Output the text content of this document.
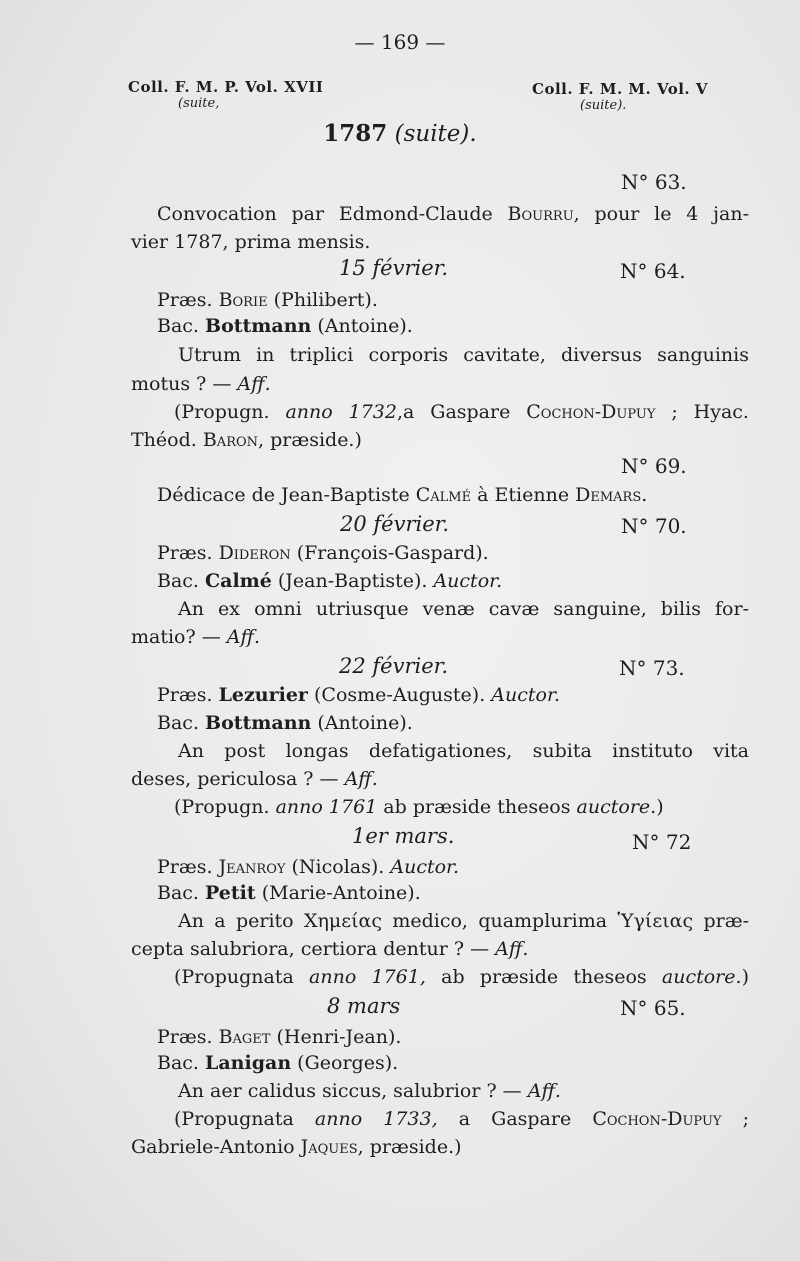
— 169 —
Coll. F. M. P. Vol. XVII
(suite,
Coll. F. M. M. Vol. V
(suite).
1787 (suite).
N° 63.
Convocation par Edmond-Claude Bourru, pour le 4 jan-
vier 1787, prima mensis.
15 février.	N° 64.
Præs. Borie (Philibert).
Bac. Bottmann (Antoine).
Utrum in triplici corporis cavitate, diversus sanguinis
motus ? — Aff.
(Propugn. anno 1732,a Gaspare Cochon-Dupuy ; Hyac.
Théod. Baron, præside.)
N° 69.
Dédicace de Jean-Baptiste Calmé à Etienne Demars.
20 février.	N° 70.
Præs. Dideron (François-Gaspard).
Bac. Calmé (Jean-Baptiste). Auctor.
An ex omni utriusque venæ cavæ sanguine, bilis for-
matio? — Aff.
22 février.	N° 73.
Præs. Lezurier (Cosme-Auguste). Auctor.
Bac. Bottmann (Antoine).
An post longas defatigationes, subita instituto vita
deses, periculosa ? — Aff.
(Propugn. anno 1761 ab præside theseos auctore.)
1er mars.	N° 72
Præs. Jeanroy (Nicolas). Auctor.
Bac. Petit (Marie-Antoine).
An a perito Χημείας medico, quamplurima Ὑγίειας præ-
cepta salubriora, certiora dentur ? — Aff.
(Propugnata anno 1761, ab præside theseos auctore.)
8 mars	N° 65.
Præs. Baget (Henri-Jean).
Bac. Lanigan (Georges).
An aer calidus siccus, salubrior ? — Aff.
(Propugnata anno 1733, a Gaspare Cochon-Dupuy ;
Gabriele-Antonio Jaques, præside.)
